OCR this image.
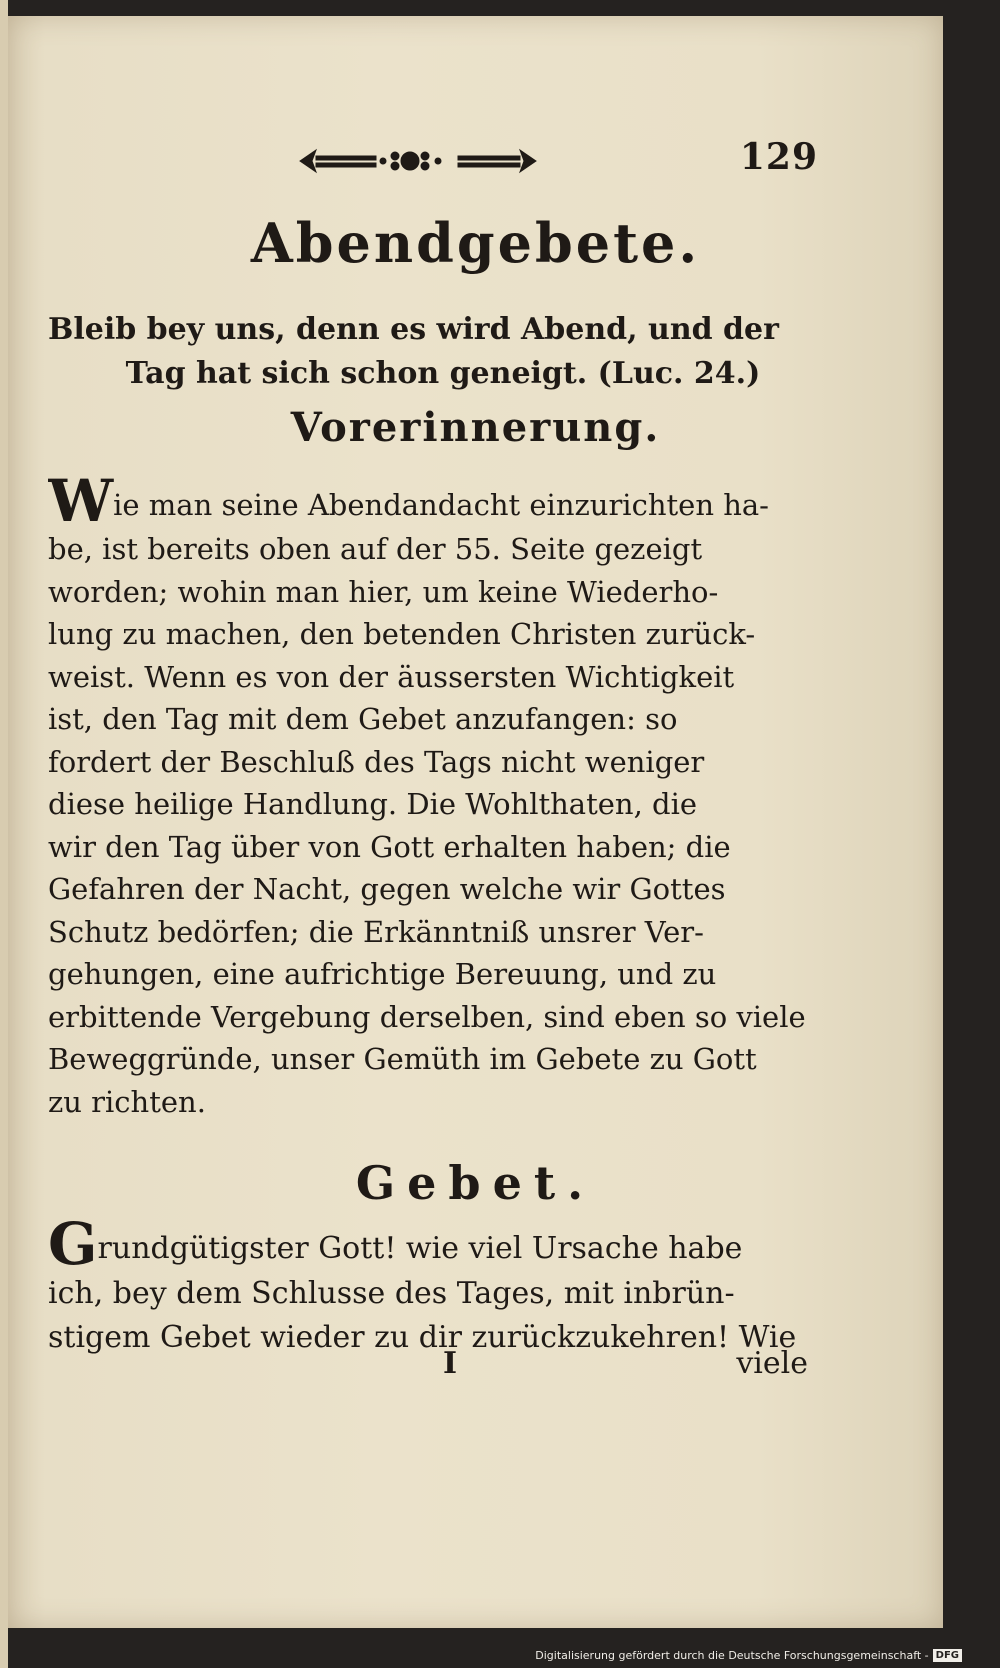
129
Abendgebete.
Bleib bey uns, denn es wird Abend, und der
Tag hat sich schon geneigt. (Luc. 24.)
Vorerinnerung.
Wie man seine Abendandacht einzurichten ha-
be, ist bereits oben auf der 55. Seite gezeigt
worden; wohin man hier, um keine Wiederho-
lung zu machen, den betenden Christen zurück-
weist. Wenn es von der äussersten Wichtigkeit
ist, den Tag mit dem Gebet anzufangen: so
fordert der Beschluß des Tags nicht weniger
diese heilige Handlung. Die Wohlthaten, die
wir den Tag über von Gott erhalten haben; die
Gefahren der Nacht, gegen welche wir Gottes
Schutz bedörfen; die Erkänntniß unsrer Ver-
gehungen, eine aufrichtige Bereuung, und zu
erbittende Vergebung derselben, sind eben so viele
Beweggründe, unser Gemüth im Gebete zu Gott
zu richten.
Gebet.
Grundgütigster Gott! wie viel Ursache habe
ich, bey dem Schlusse des Tages, mit inbrün-
stigem Gebet wieder zu dir zurückzukehren! Wie
I	viele
Digitalisierung gefördert durch die Deutsche Forschungsgemeinschaft - DFG
